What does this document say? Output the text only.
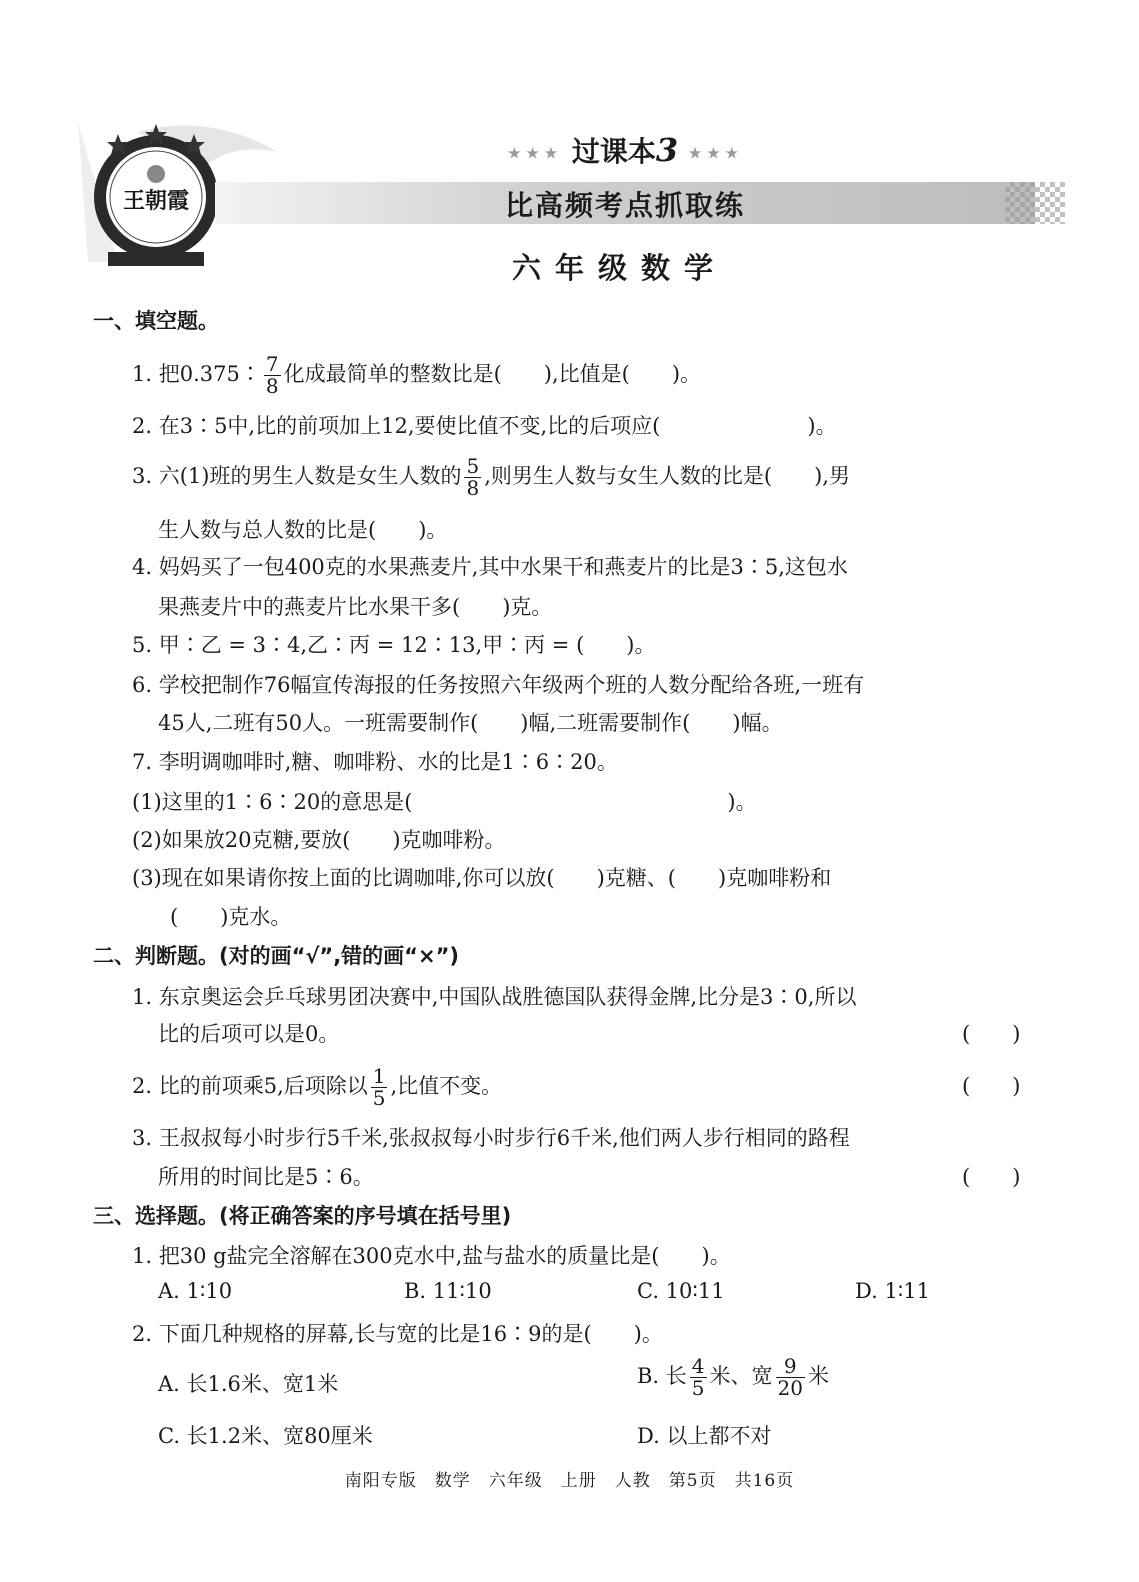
王朝霞
★★★ 过课本3 ★★★
比高频考点抓取练
六年级数学
一、填空题。
1. 把0.375∶ $\frac{7}{8}$ 化成最简单的整数比是(　　),比值是(　　)。
2. 在3∶5中,比的前项加上12,要使比值不变,比的后项应(　　　　　　　)。
3. 六(1)班的男生人数是女生人数的 $\frac{5}{8}$ ,则男生人数与女生人数的比是(　　),男
生人数与总人数的比是(　　)。
4. 妈妈买了一包400克的水果燕麦片,其中水果干和燕麦片的比是3∶5,这包水
果燕麦片中的燕麦片比水果干多(　　)克。
5. 甲∶乙 = 3∶4,乙∶丙 = 12∶13,甲∶丙 = (　　)。
6. 学校把制作76幅宣传海报的任务按照六年级两个班的人数分配给各班,一班有
45人,二班有50人。一班需要制作(　　)幅,二班需要制作(　　)幅。
7. 李明调咖啡时,糖、咖啡粉、水的比是1∶6∶20。
(1)这里的1∶6∶20的意思是(　　　　　　　　　　　　　　　)。
(2)如果放20克糖,要放(　　)克咖啡粉。
(3)现在如果请你按上面的比调咖啡,你可以放(　　)克糖、(　　)克咖啡粉和
(　　)克水。
二、判断题。(对的画“√”,错的画“×”)
1. 东京奥运会乒乓球男团决赛中,中国队战胜德国队获得金牌,比分是3∶0,所以
比的后项可以是0。	(　　)
2. 比的前项乘5,后项除以 $\frac{1}{5}$ ,比值不变。	(　　)
3. 王叔叔每小时步行5千米,张叔叔每小时步行6千米,他们两人步行相同的路程
所用的时间比是5∶6。	(　　)
三、选择题。(将正确答案的序号填在括号里)
1. 把30 g盐完全溶解在300克水中,盐与盐水的质量比是(　　)。
A. 1∶10	B. 11∶10	C. 10∶11	D. 1∶11
2. 下面几种规格的屏幕,长与宽的比是16∶9的是(　　)。
A. 长1.6米、宽1米	B. 长 $\frac{4}{5}$ 米、宽 $\frac{9}{20}$ 米
C. 长1.2米、宽80厘米	D. 以上都不对
南阳专版　数学　六年级　上册　人教　第5页　共16页
